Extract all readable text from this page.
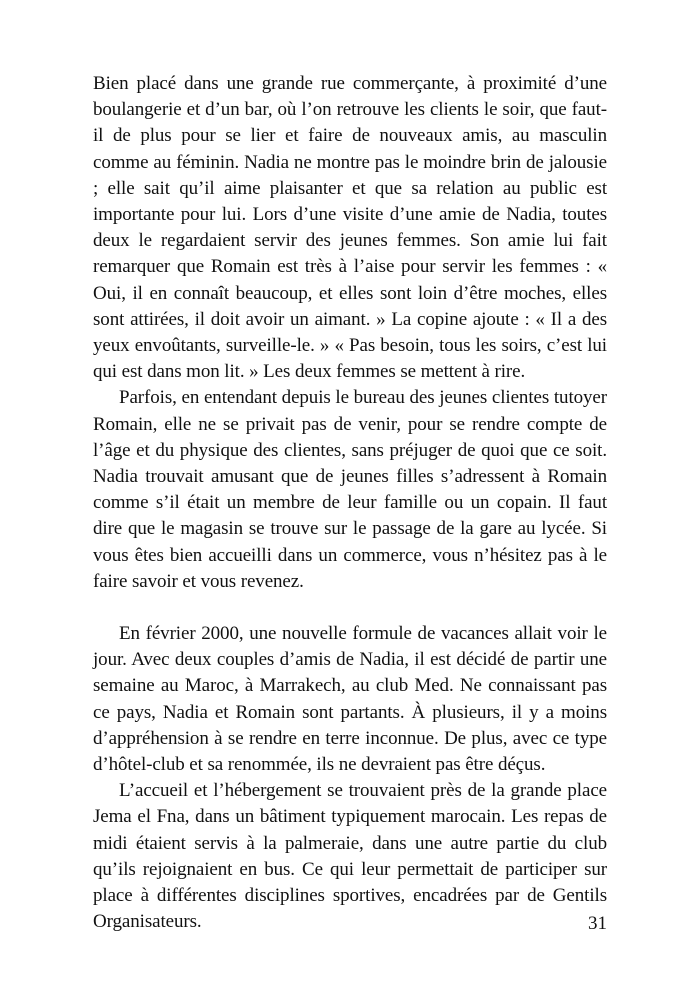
Bien placé dans une grande rue commerçante, à proximité d’une boulangerie et d’un bar, où l’on retrouve les clients le soir, que faut-il de plus pour se lier et faire de nouveaux amis, au masculin comme au féminin. Nadia ne montre pas le moindre brin de jalousie ; elle sait qu’il aime plaisanter et que sa relation au public est importante pour lui. Lors d’une visite d’une amie de Nadia, toutes deux le regardaient servir des jeunes femmes. Son amie lui fait remarquer que Romain est très à l’aise pour servir les femmes : « Oui, il en connaît beaucoup, et elles sont loin d’être moches, elles sont attirées, il doit avoir un aimant. » La copine ajoute : « Il a des yeux envoûtants, surveille-le. » « Pas besoin, tous les soirs, c’est lui qui est dans mon lit. » Les deux femmes se mettent à rire.

Parfois, en entendant depuis le bureau des jeunes clientes tutoyer Romain, elle ne se privait pas de venir, pour se rendre compte de l’âge et du physique des clientes, sans préjuger de quoi que ce soit. Nadia trouvait amusant que de jeunes filles s’adressent à Romain comme s’il était un membre de leur famille ou un copain. Il faut dire que le magasin se trouve sur le passage de la gare au lycée. Si vous êtes bien accueilli dans un commerce, vous n’hésitez pas à le faire savoir et vous revenez.

En février 2000, une nouvelle formule de vacances allait voir le jour. Avec deux couples d’amis de Nadia, il est décidé de partir une semaine au Maroc, à Marrakech, au club Med. Ne connaissant pas ce pays, Nadia et Romain sont partants. À plusieurs, il y a moins d’appréhension à se rendre en terre inconnue. De plus, avec ce type d’hôtel-club et sa renommée, ils ne devraient pas être déçus.

L’accueil et l’hébergement se trouvaient près de la grande place Jema el Fna, dans un bâtiment typiquement marocain. Les repas de midi étaient servis à la palmeraie, dans une autre partie du club qu’ils rejoignaient en bus. Ce qui leur permettait de participer sur place à différentes disciplines sportives, encadrées par de Gentils Organisateurs.	31
